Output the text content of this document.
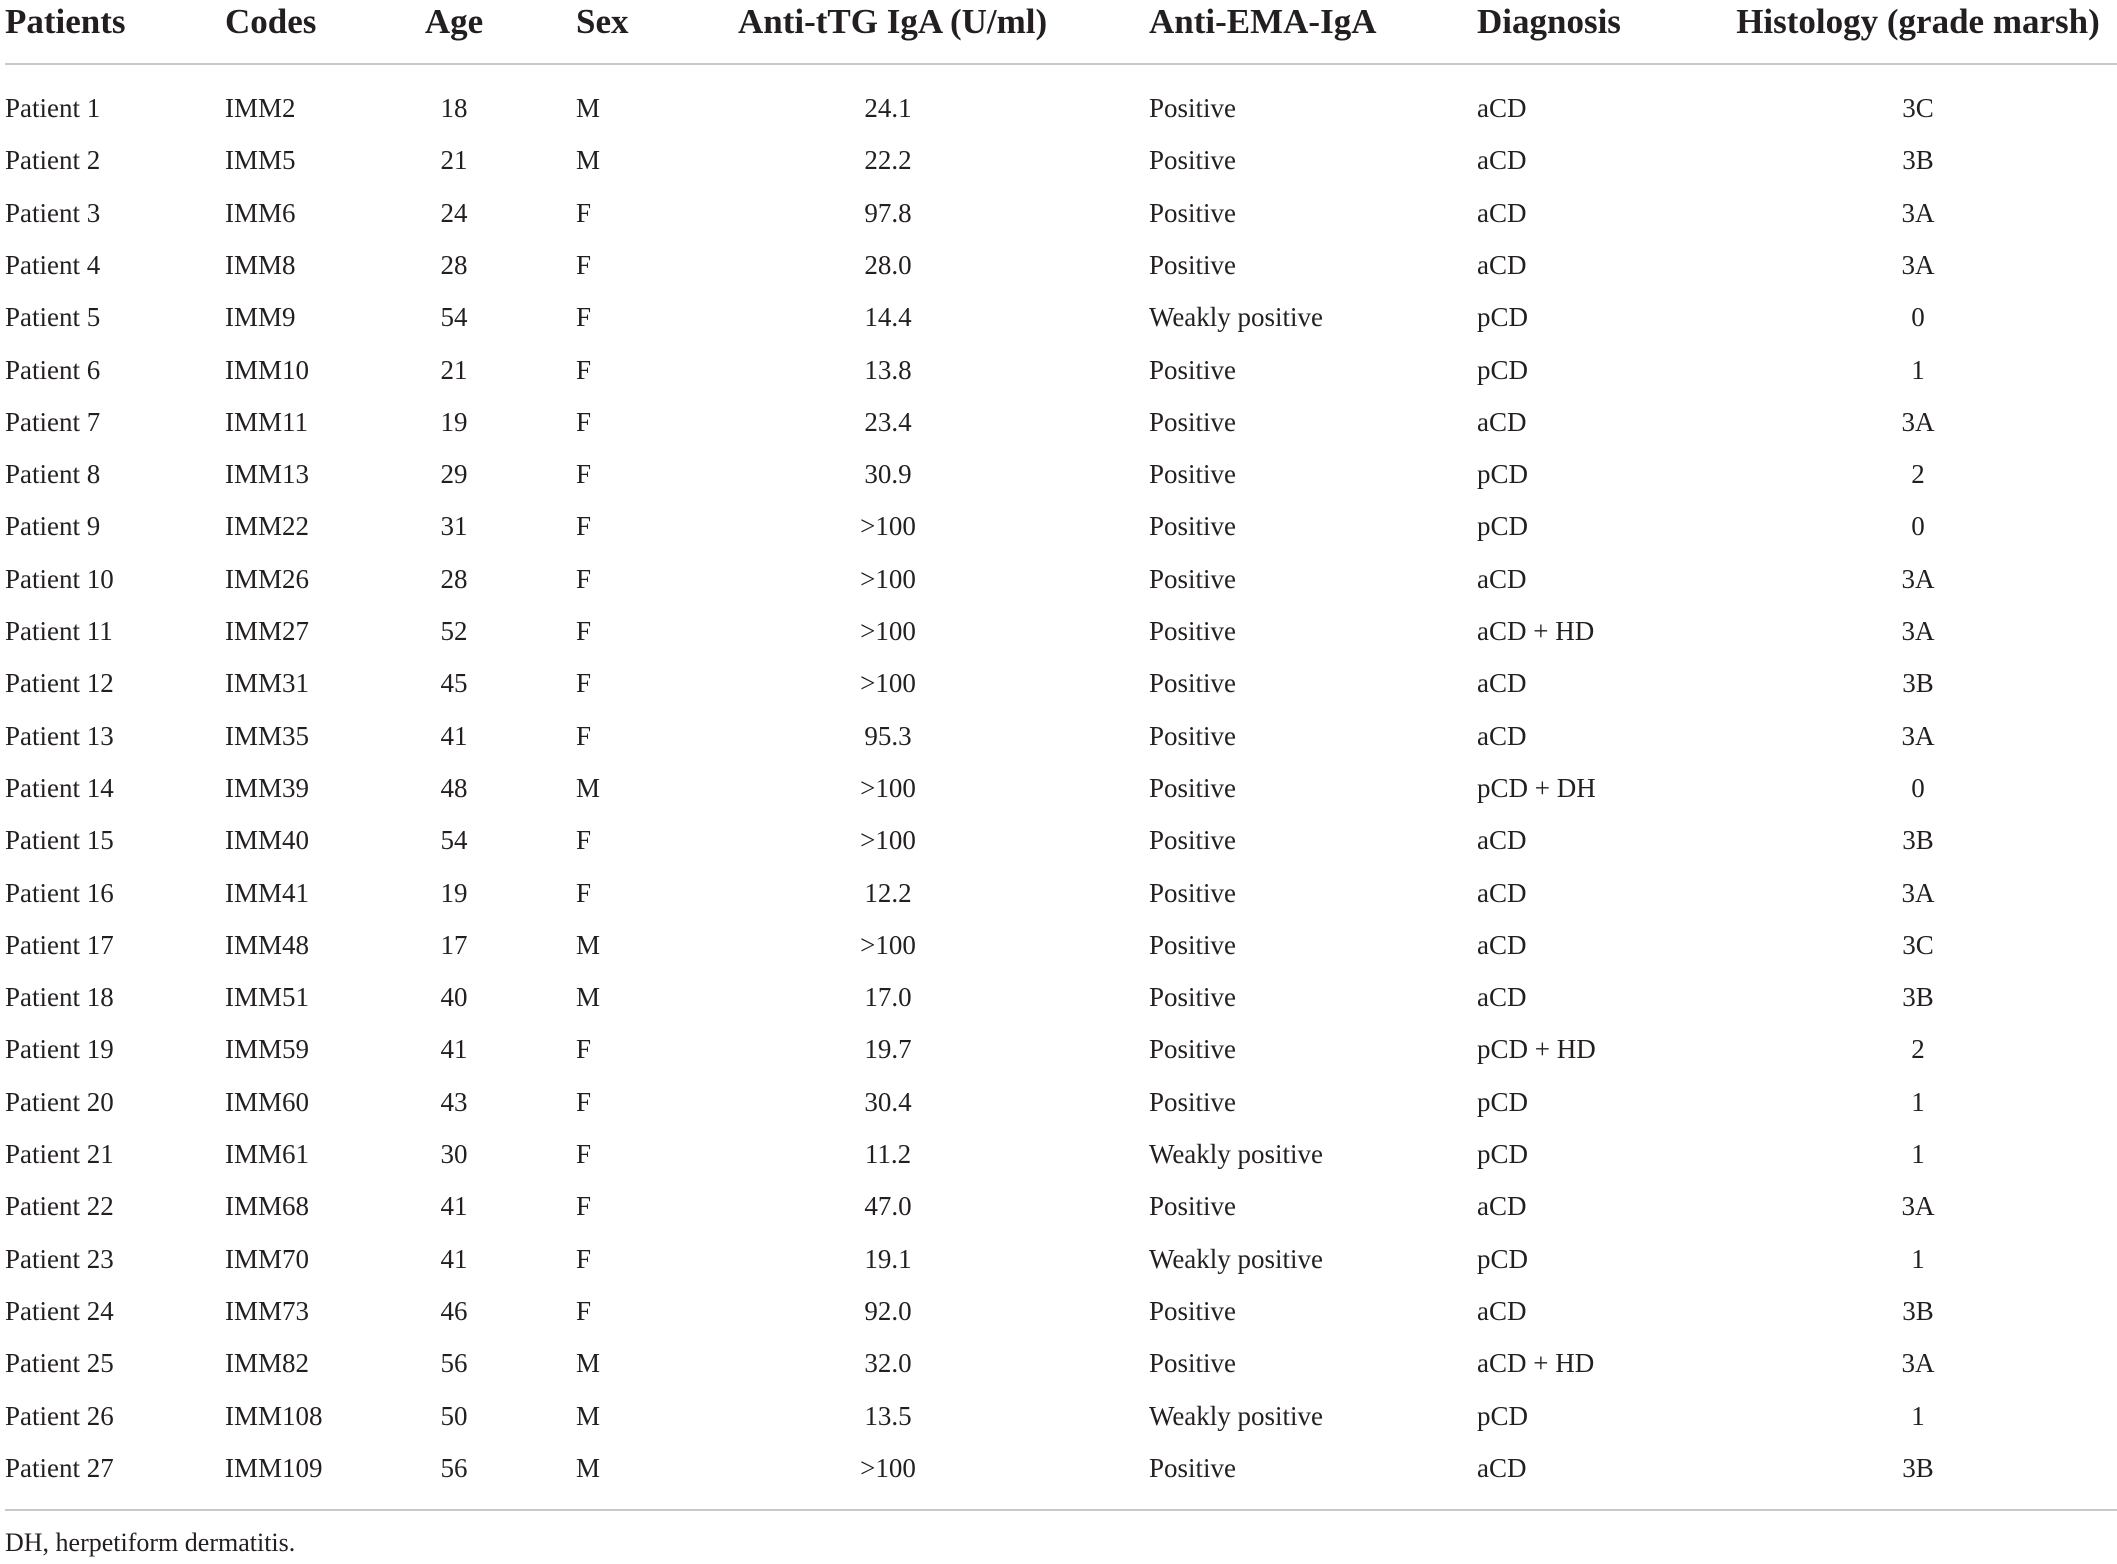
Patients	Codes	Age	Sex	Anti-tTG IgA (U/ml)	Anti-EMA-IgA	Diagnosis	Histology (grade marsh)
Patient 1	IMM2	18	M	24.1	Positive	aCD	3C
Patient 2	IMM5	21	M	22.2	Positive	aCD	3B
Patient 3	IMM6	24	F	97.8	Positive	aCD	3A
Patient 4	IMM8	28	F	28.0	Positive	aCD	3A
Patient 5	IMM9	54	F	14.4	Weakly positive	pCD	0
Patient 6	IMM10	21	F	13.8	Positive	pCD	1
Patient 7	IMM11	19	F	23.4	Positive	aCD	3A
Patient 8	IMM13	29	F	30.9	Positive	pCD	2
Patient 9	IMM22	31	F	>100	Positive	pCD	0
Patient 10	IMM26	28	F	>100	Positive	aCD	3A
Patient 11	IMM27	52	F	>100	Positive	aCD + HD	3A
Patient 12	IMM31	45	F	>100	Positive	aCD	3B
Patient 13	IMM35	41	F	95.3	Positive	aCD	3A
Patient 14	IMM39	48	M	>100	Positive	pCD + DH	0
Patient 15	IMM40	54	F	>100	Positive	aCD	3B
Patient 16	IMM41	19	F	12.2	Positive	aCD	3A
Patient 17	IMM48	17	M	>100	Positive	aCD	3C
Patient 18	IMM51	40	M	17.0	Positive	aCD	3B
Patient 19	IMM59	41	F	19.7	Positive	pCD + HD	2
Patient 20	IMM60	43	F	30.4	Positive	pCD	1
Patient 21	IMM61	30	F	11.2	Weakly positive	pCD	1
Patient 22	IMM68	41	F	47.0	Positive	aCD	3A
Patient 23	IMM70	41	F	19.1	Weakly positive	pCD	1
Patient 24	IMM73	46	F	92.0	Positive	aCD	3B
Patient 25	IMM82	56	M	32.0	Positive	aCD + HD	3A
Patient 26	IMM108	50	M	13.5	Weakly positive	pCD	1
Patient 27	IMM109	56	M	>100	Positive	aCD	3B
DH, herpetiform dermatitis.
